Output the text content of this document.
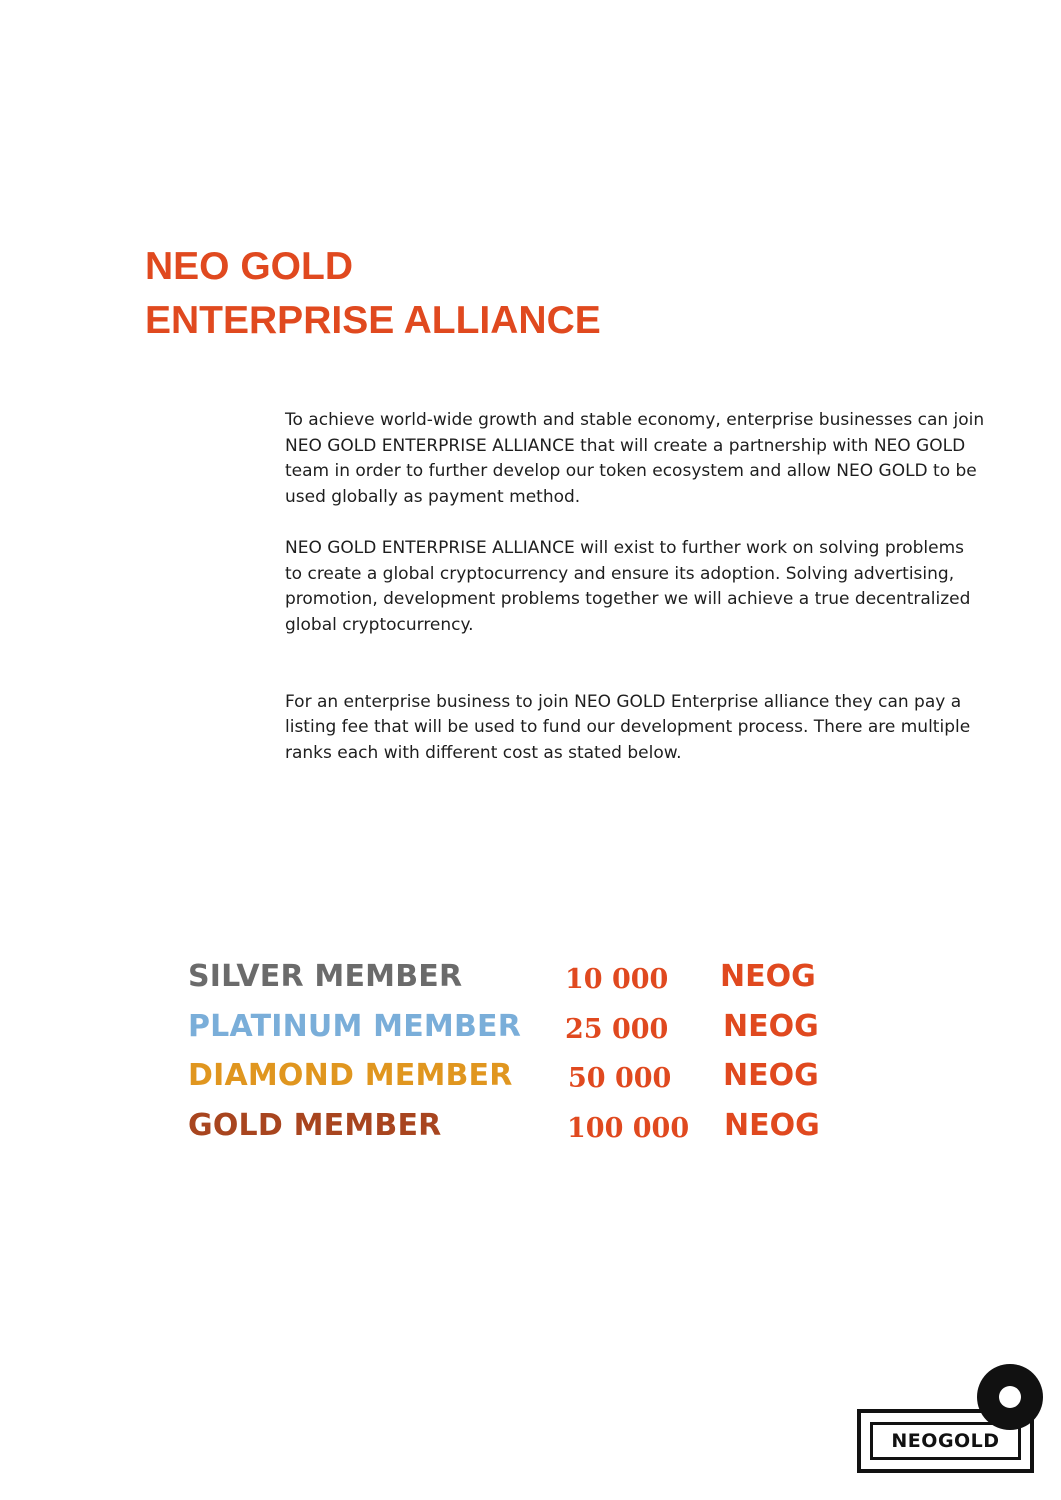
NEO GOLD
ENTERPRISE ALLIANCE

To achieve world-wide growth and stable economy, enterprise businesses can join
NEO GOLD ENTERPRISE ALLIANCE that will create a partnership with NEO GOLD
team in order to further develop our token ecosystem and allow NEO GOLD to be
used globally as payment method.

NEO GOLD ENTERPRISE ALLIANCE will exist to further work on solving problems
to create a global cryptocurrency and ensure its adoption. Solving advertising,
promotion, development problems together we will achieve a true decentralized
global cryptocurrency.

For an enterprise business to join NEO GOLD Enterprise alliance they can pay a
listing fee that will be used to fund our development process. There are multiple
ranks each with different cost as stated below.

SILVER MEMBER	10 000 NEOG
PLATINUM MEMBER 25 000 NEOG
DIAMOND MEMBER 50 000 NEOG
GOLD MEMBER	100 000 NEOG
NEOGOLD
